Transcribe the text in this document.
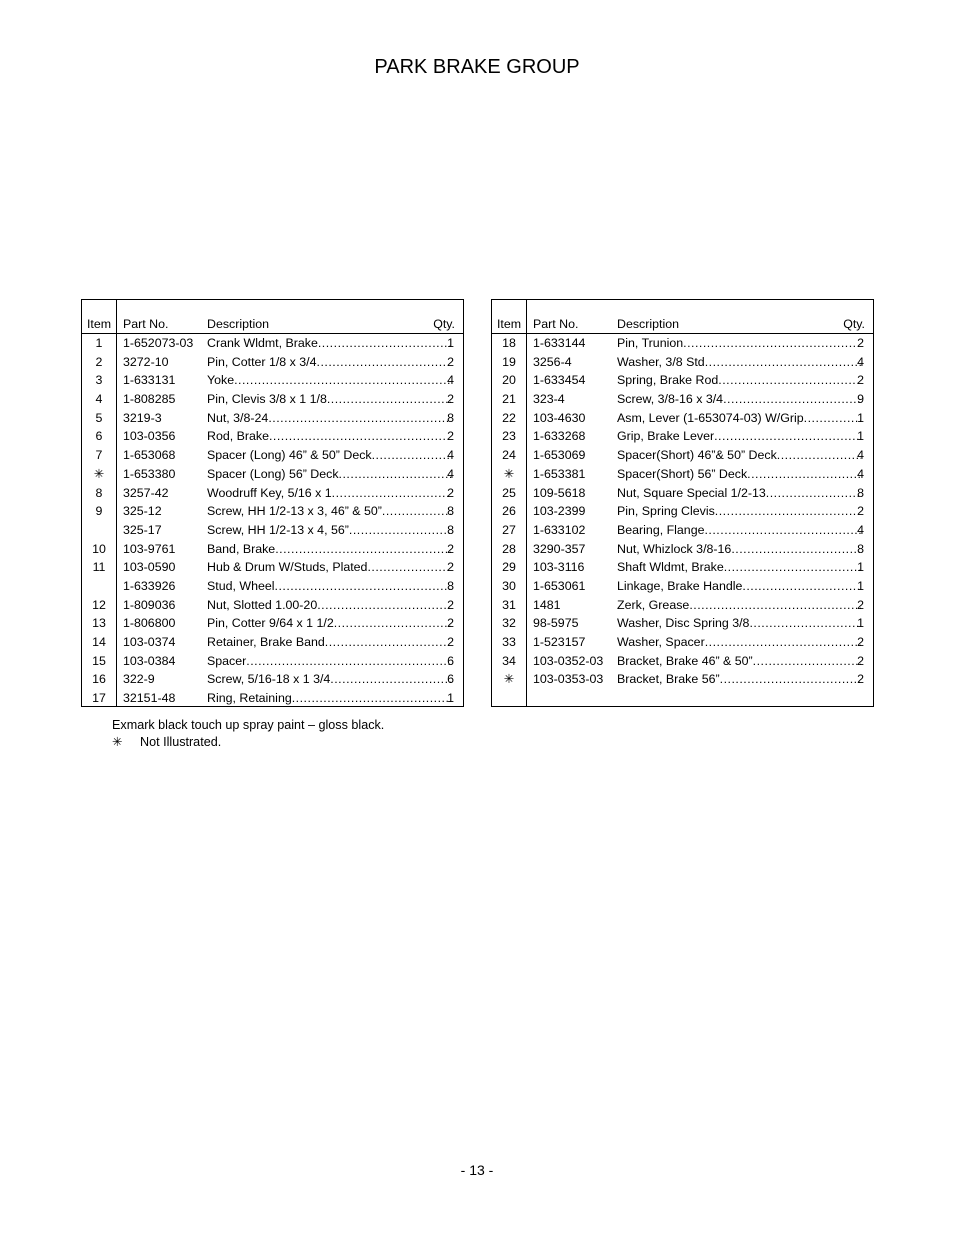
PARK BRAKE GROUP
Item Part No.	Description	Qty.
1	1-652073-03 Crank Wldmt, Brake .....	1
2	3272-10	Pin, Cotter 1/8 x 3/4 .....	2
3	1-633131	Yoke .....	4
4	1-808285	Pin, Clevis 3/8 x 1 1/8 .....	2
5	3219-3	Nut, 3/8-24 .....	8
6	103-0356	Rod, Brake .....	2
7	1-653068	Spacer (Long) 46” & 50” Deck .....	4
✳	1-653380	Spacer (Long) 56” Deck .....	4
8	3257-42	Woodruff Key, 5/16 x 1 .....	2
9	325-12	Screw, HH 1/2-13 x 3, 46” & 50” .....	8
325-17	Screw, HH 1/2-13 x 4, 56” .....	8
10	103-9761	Band, Brake .....	2
11	103-0590	Hub & Drum W/Studs, Plated .....	2
1-633926	Stud, Wheel .....	8
12	1-809036	Nut, Slotted 1.00-20 .....	2
13	1-806800	Pin, Cotter 9/64 x 1 1/2 .....	2
14	103-0374	Retainer, Brake Band .....	2
15	103-0384	Spacer .....	6
16	322-9	Screw, 5/16-18 x 1 3/4 .....	6
17	32151-48	Ring, Retaining .....	1
Item Part No.	Description	Qty.
18	1-633144	Pin, Trunion .....	2
19	3256-4	Washer, 3/8 Std .....	4
20	1-633454	Spring, Brake Rod .....	2
21	323-4	Screw, 3/8-16 x 3/4 .....	9
22	103-4630	Asm, Lever (1-653074-03) W/Grip .....	1
23	1-633268	Grip, Brake Lever .....	1
24	1-653069	Spacer(Short) 46”& 50” Deck .....	4
✳	1-653381	Spacer(Short) 56” Deck .....	4
25	109-5618	Nut, Square Special 1/2-13 .....	8
26	103-2399	Pin, Spring Clevis .....	2
27	1-633102	Bearing, Flange .....	4
28	3290-357	Nut, Whizlock 3/8-16 .....	8
29	103-3116	Shaft Wldmt, Brake .....	1
30	1-653061	Linkage, Brake Handle .....	1
31	1481	Zerk, Grease .....	2
32	98-5975	Washer, Disc Spring 3/8 .....	1
33	1-523157	Washer, Spacer .....	2
34	103-0352-03 Bracket, Brake 46” & 50” .....	2
✳	103-0353-03 Bracket, Brake 56” .....	2
Exmark black touch up spray paint – gloss black.
✳ Not Illustrated.
- 13 -
